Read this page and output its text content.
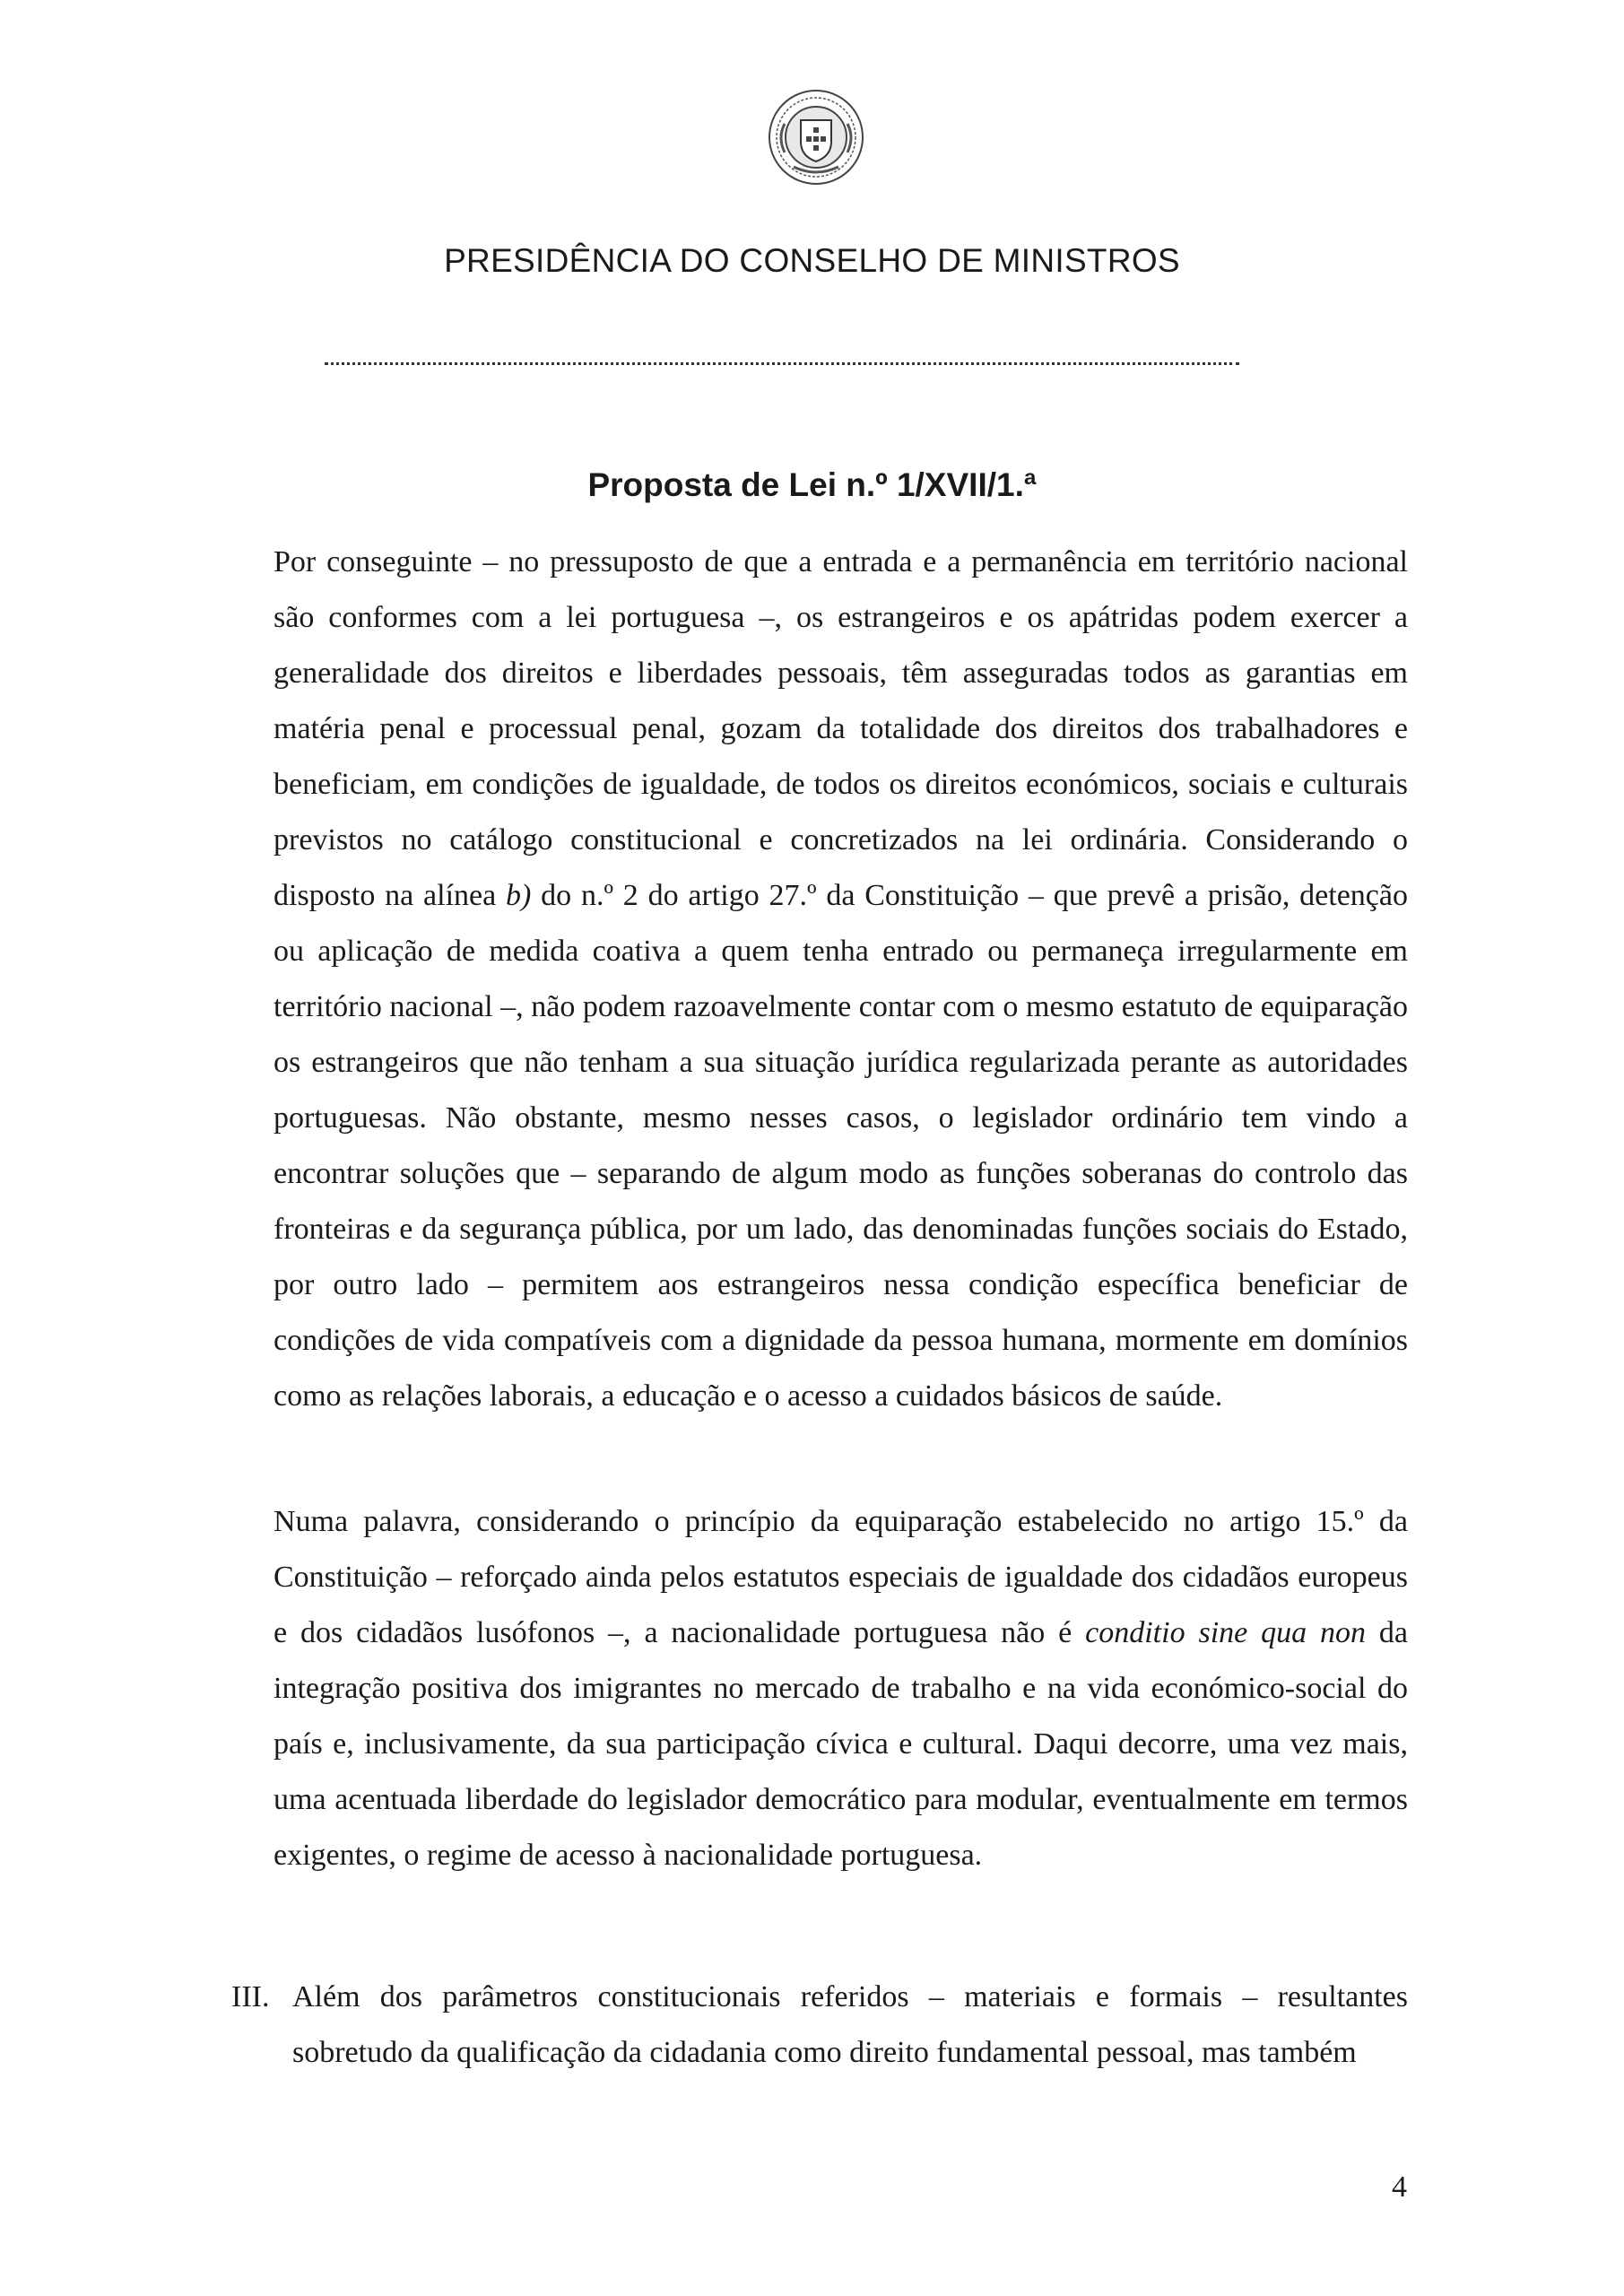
PRESIDÊNCIA DO CONSELHO DE MINISTROS
Proposta de Lei n.º 1/XVII/1.ª

Por conseguinte – no pressuposto de que a entrada e a permanência em território nacional são conformes com a lei portuguesa –, os estrangeiros e os apátridas podem exercer a generalidade dos direitos e liberdades pessoais, têm asseguradas todos as garantias em matéria penal e processual penal, gozam da totalidade dos direitos dos trabalhadores e beneficiam, em condições de igualdade, de todos os direitos económicos, sociais e culturais previstos no catálogo constitucional e concretizados na lei ordinária. Considerando o disposto na alínea b) do n.º 2 do artigo 27.º da Constituição – que prevê a prisão, detenção ou aplicação de medida coativa a quem tenha entrado ou permaneça irregularmente em território nacional –, não podem razoavelmente contar com o mesmo estatuto de equiparação os estrangeiros que não tenham a sua situação jurídica regularizada perante as autoridades portuguesas. Não obstante, mesmo nesses casos, o legislador ordinário tem vindo a encontrar soluções que – separando de algum modo as funções soberanas do controlo das fronteiras e da segurança pública, por um lado, das denominadas funções sociais do Estado, por outro lado – permitem aos estrangeiros nessa condição específica beneficiar de condições de vida compatíveis com a dignidade da pessoa humana, mormente em domínios como as relações laborais, a educação e o acesso a cuidados básicos de saúde.

Numa palavra, considerando o princípio da equiparação estabelecido no artigo 15.º da Constituição – reforçado ainda pelos estatutos especiais de igualdade dos cidadãos europeus e dos cidadãos lusófonos –, a nacionalidade portuguesa não é conditio sine qua non da integração positiva dos imigrantes no mercado de trabalho e na vida económico-social do país e, inclusivamente, da sua participação cívica e cultural. Daqui decorre, uma vez mais, uma acentuada liberdade do legislador democrático para modular, eventualmente em termos exigentes, o regime de acesso à nacionalidade portuguesa.

III. Além dos parâmetros constitucionais referidos – materiais e formais – resultantes sobretudo da qualificação da cidadania como direito fundamental pessoal, mas também

4
